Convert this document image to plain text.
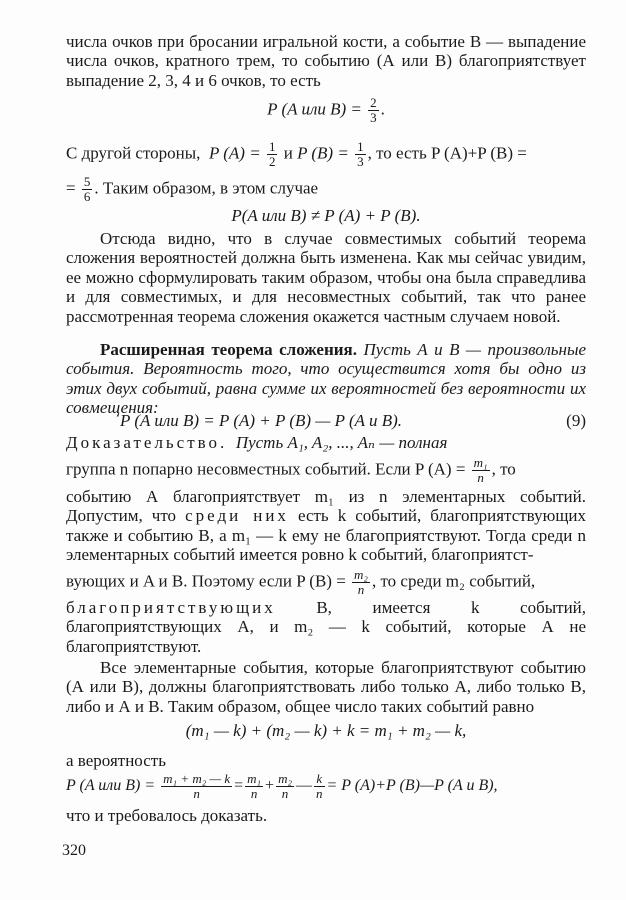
числа очков при бросании игральной кости, а событие В — выпадение числа очков, кратного трем, то событию (А или В) благоприятствует выпадение 2, 3, 4 и 6 очков, то есть

P (A или $B) = \frac{2}{3}$ .
С другой стороны, P $(A) = \frac{1}{2}$ и P $(B) = \frac{1}{3}$ , то есть P (A)+P (B) =
= $\frac{5}{6}$ . Таким образом, в этом случае
P(A или B) ≠ P (A) + P (B).

Отсюда видно, что в случае совместимых событий теорема сложения вероятностей должна быть изменена. Как мы сейчас увидим, ее можно сформулировать таким образом, чтобы она была справедлива и для совместимых, и для несовместных событий, так что ранее рассмотренная теорема сложения окажется частным случаем новой.

Расширенная теорема сложения. Пусть А и В — произвольные события. Вероятность того, что осуществится хотя бы одно из этих двух событий, равна сумме их вероятностей без вероятности их совмещения:

P (A или B) = P (A) + P (B) — P (A и B).	(9)
Доказательство. Пусть A₁, A₂, ..., Aₙ — полная
группа n попарно несовместных событий. Если P $(A) = \frac{\text{m₁}}{n}$ , то

событию А благоприятствует m₁ из n элементарных событий. Допустим, что среди них есть k событий, благоприятствующих также и событию В, а m₁ — k ему не благоприятствуют. Тогда среди n элементарных событий имеется ровно k событий, благоприятст-

вующих и A и B. Поэтому если P $(B) = \frac{\text{m₂}}{n}$ , то среди m₂ событий,

благоприятствующих В, имеется k событий, благоприятствующих А, и m₂ — k событий, которые А не благоприятствуют.

Все элементарные события, которые благоприятствуют событию (А или В), должны благоприятствовать либо только А, либо только В, либо и А и В. Таким образом, общее число таких событий равно

(m₁ — k) + (m₂ — k) + k = m₁ + m₂ — k,
а вероятность
P (A или $B) = \frac{\text{m₁ + m₂ — k}}{n} = \frac{\text{m₁}}{n} + \frac{\text{m₂}}{n}$ — $\frac{k}{n} = P$ (A)+P (B)—P (A и B),
что и требовалось доказать.
320
